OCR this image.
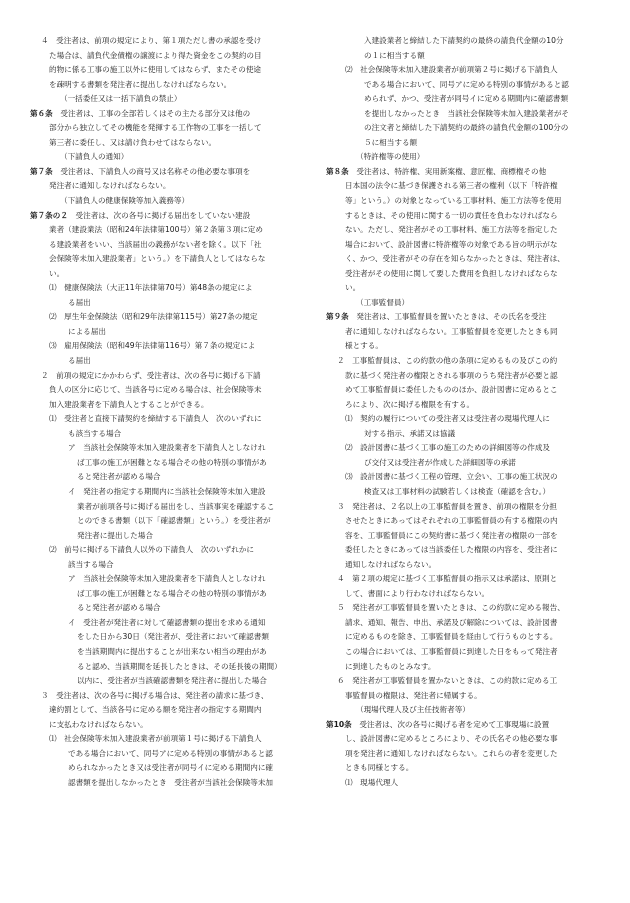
４　受注者は、前項の規定により、第１項ただし書の承認を受け
た場合は、請負代金債権の譲渡により得た資金をこの契約の目
的物に係る工事の施工以外に使用してはならず、またその使途
を疎明する書類を発注者に提出しなければならない。
（一括委任又は一括下請負の禁止）
第６条　受注者は、工事の全部若しくはその主たる部分又は他の
部分から独立してその機能を発揮する工作物の工事を一括して
第三者に委任し、又は請け負わせてはならない。
（下請負人の通知）
第７条　受注者は、下請負人の商号又は名称その他必要な事項を
発注者に通知しなければならない。
（下請負人の健康保険等加入義務等）
第７条の２　受注者は、次の各号に掲げる届出をしていない建設
業者（建設業法（昭和24年法律第100号）第２条第３項に定め
る建設業者をいい、当該届出の義務がない者を除く。以下「社
会保険等未加入建設業者」という。）を下請負人としてはならな
い。
⑴　健康保険法（大正11年法律第70号）第48条の規定によ
る届出
⑵　厚生年金保険法（昭和29年法律第115号）第27条の規定
による届出
⑶　雇用保険法（昭和49年法律第116号）第７条の規定によ
る届出
２　前項の規定にかかわらず、受注者は、次の各号に掲げる下請
負人の区分に応じて、当該各号に定める場合は、社会保険等未
加入建設業者を下請負人とすることができる。
⑴　受注者と直接下請契約を締結する下請負人　次のいずれに
も該当する場合
ア　当該社会保険等未加入建設業者を下請負人としなけれ
ば工事の施工が困難となる場合その他の特別の事情があ
ると発注者が認める場合
イ　発注者の指定する期間内に当該社会保険等未加入建設
業者が前項各号に掲げる届出をし、当該事実を確認するこ
とのできる書類（以下「確認書類」という。）を受注者が
発注者に提出した場合
⑵　前号に掲げる下請負人以外の下請負人　次のいずれかに
該当する場合
ア　当該社会保険等未加入建設業者を下請負人としなけれ
ば工事の施工が困難となる場合その他の特別の事情があ
ると発注者が認める場合
イ　受注者が発注者に対して確認書類の提出を求める通知
をした日から30日（発注者が、受注者において確認書類
を当該期間内に提出することが出来ない相当の理由があ
ると認め、当該期間を延長したときは、その延長後の期間）
以内に、受注者が当該確認書類を発注者に提出した場合
３　受注者は、次の各号に掲げる場合は、発注者の請求に基づき、
違約罰として、当該各号に定める額を発注者の指定する期間内
に支払わなければならない。
⑴　社会保険等未加入建設業者が前項第１号に掲げる下請負人
である場合において、同号アに定める特別の事情があると認
められなかったとき又は受注者が同号イに定める期間内に確
認書類を提出しなかったとき　受注者が当該社会保険等未加
入建設業者と締結した下請契約の最終の請負代金額の10分
の１に相当する額
⑵　社会保険等未加入建設業者が前項第２号に掲げる下請負人
である場合において、同号アに定める特別の事情があると認
められず、かつ、受注者が同号イに定める期間内に確認書類
を提出しなかったとき　当該社会保険等未加入建設業者がそ
の注文者と締結した下請契約の最終の請負代金額の100分の
５に相当する額
（特許権等の使用）
第８条　受注者は、特許権、実用新案権、意匠権、商標権その他
日本国の法令に基づき保護される第三者の権利（以下「特許権
等」という。）の対象となっている工事材料、施工方法等を使用
するときは、その使用に関する一切の責任を負わなければなら
ない。ただし、発注者がその工事材料、施工方法等を指定した
場合において、設計図書に特許権等の対象である旨の明示がな
く、かつ、受注者がその存在を知らなかったときは、発注者は、
受注者がその使用に関して要した費用を負担しなければならな
い。
（工事監督員）
第９条　発注者は、工事監督員を置いたときは、その氏名を受注
者に通知しなければならない。工事監督員を変更したときも同
様とする。
２　工事監督員は、この約款の他の条項に定めるもの及びこの約
款に基づく発注者の権限とされる事項のうち発注者が必要と認
めて工事監督員に委任したもののほか、設計図書に定めるとこ
ろにより、次に掲げる権限を有する。
⑴　契約の履行についての受注者又は受注者の現場代理人に
対する指示、承諾又は協議
⑵　設計図書に基づく工事の施工のための詳細図等の作成及
び交付又は受注者が作成した詳細図等の承諾
⑶　設計図書に基づく工程の管理、立会い、工事の施工状況の
検査又は工事材料の試験若しくは検査（確認を含む。）
３　発注者は、２名以上の工事監督員を置き、前項の権限を分担
させたときにあってはそれぞれの工事監督員の有する権限の内
容を、工事監督員にこの契約書に基づく発注者の権限の一部を
委任したときにあっては当該委任した権限の内容を、受注者に
通知しなければならない。
４　第２項の規定に基づく工事監督員の指示又は承諾は、原則と
して、書面により行わなければならない。
５　発注者が工事監督員を置いたときは、この約款に定める報告、
請求、通知、報告、申出、承諾及び解除については、設計図書
に定めるものを除き、工事監督員を経由して行うものとする。
この場合においては、工事監督員に到達した日をもって発注者
に到達したものとみなす。
６　発注者が工事監督員を置かないときは、この約款に定める工
事監督員の権限は、発注者に帰属する。
（現場代理人及び主任技術者等）
第10条　受注者は、次の各号に掲げる者を定めて工事現場に設置
し、設計図書に定めるところにより、その氏名その他必要な事
項を発注者に通知しなければならない。これらの者を変更した
ときも同様とする。
⑴　現場代理人
